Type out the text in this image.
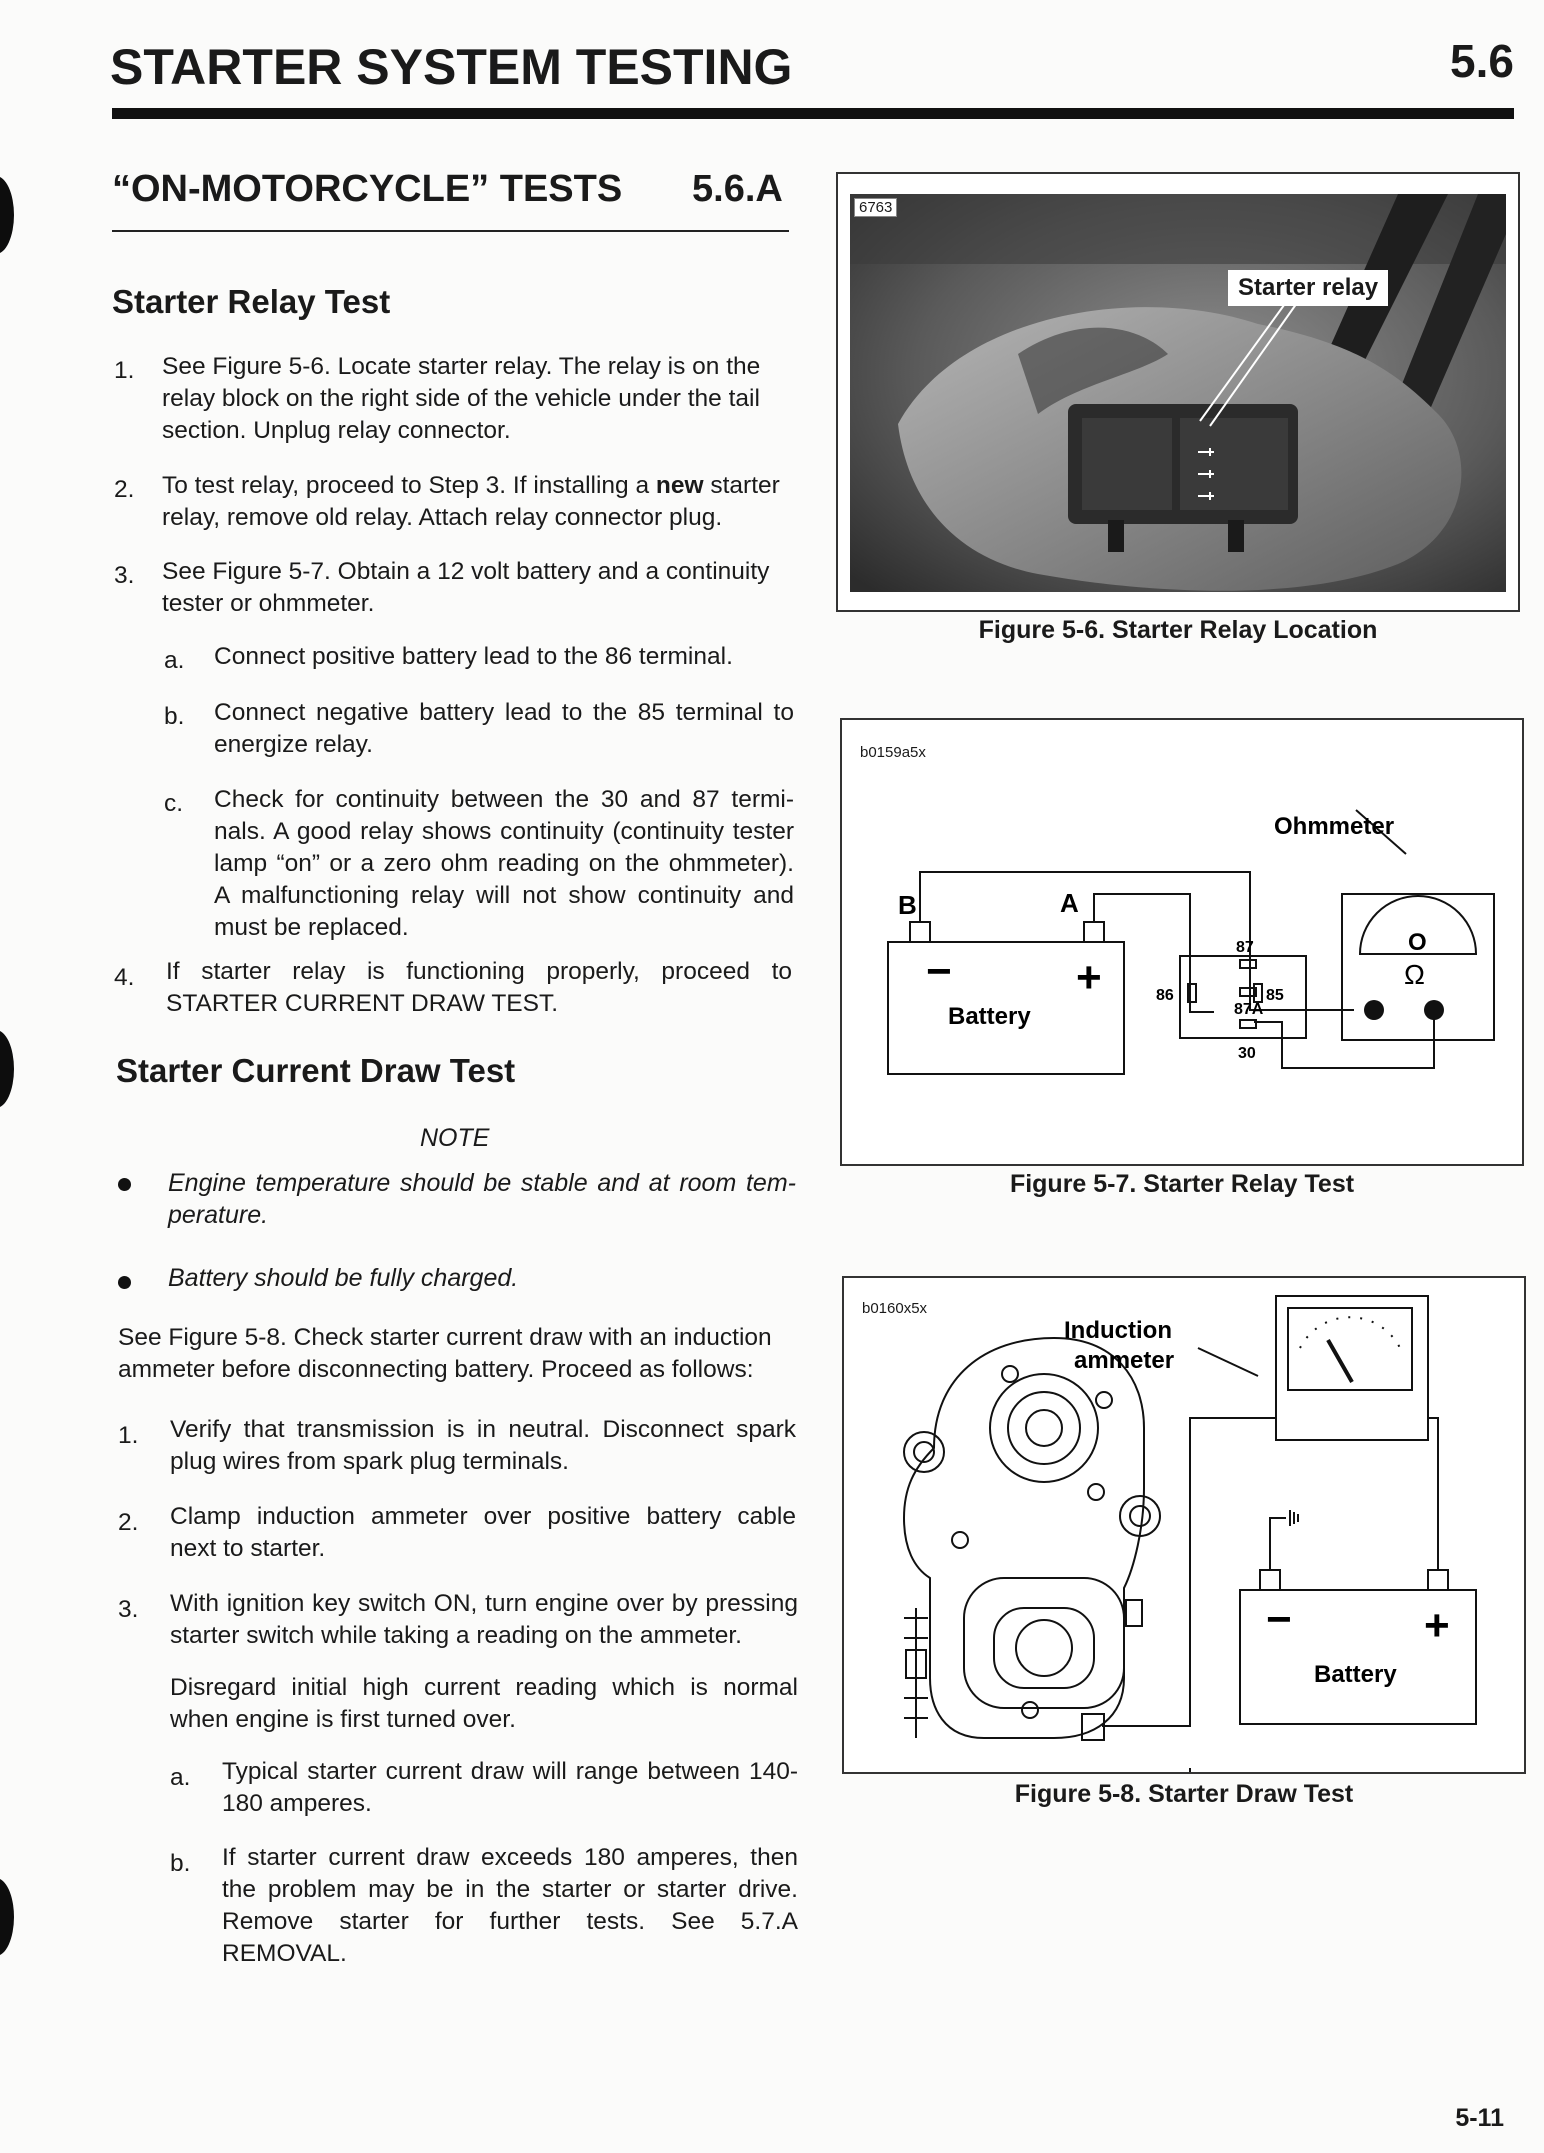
STARTER SYSTEM TESTING	5.6
“ON-MOTORCYCLE” TESTS 5.6.A
Starter Relay Test
1. See Figure 5-6. Locate starter relay. The relay is on the
relay block on the right side of the vehicle under the tail
section. Unplug relay connector.
2. To test relay, proceed to Step 3. If installing a new starter
relay, remove old relay. Attach relay connector plug.
3. See Figure 5-7. Obtain a 12 volt battery and a continuity
tester or ohmmeter.
a. Connect positive battery lead to the 86 terminal.
b. Connect negative battery lead to the 85 terminal to
energize relay.
c. Check for continuity between the 30 and 87 termi-
nals. A good relay shows continuity (continuity tester
lamp “on” or a zero ohm reading on the ohmmeter).
A malfunctioning relay will not show continuity and
must be replaced.
4. If starter relay is functioning properly, proceed to
STARTER CURRENT DRAW TEST.
Starter Current Draw Test
NOTE
Engine temperature should be stable and at room tem-
perature.
Battery should be fully charged.
See Figure 5-8. Check starter current draw with an induction
ammeter before disconnecting battery. Proceed as follows:
1. Verify that transmission is in neutral. Disconnect spark
plug wires from spark plug terminals.
2. Clamp induction ammeter over positive battery cable
next to starter.
3. With ignition key switch ON, turn engine over by pressing
starter switch while taking a reading on the ammeter.
Disregard initial high current reading which is normal
when engine is first turned over.
a. Typical starter current draw will range between 140-
180 amperes.
b. If starter current draw exceeds 180 amperes, then
the problem may be in the starter or starter drive.
Remove starter for further tests. See 5.7.A
REMOVAL.
6763
Starter relay
Figure 5-6. Starter Relay Location
B	A
−	+
Battery
87
86
87A
85
30
Ohmmeter
O
Ω
b0159a5x
Figure 5-7. Starter Relay Test
Induction
ammeter
−	+
Battery
b0160x5x
Figure 5-8. Starter Draw Test
5-11
